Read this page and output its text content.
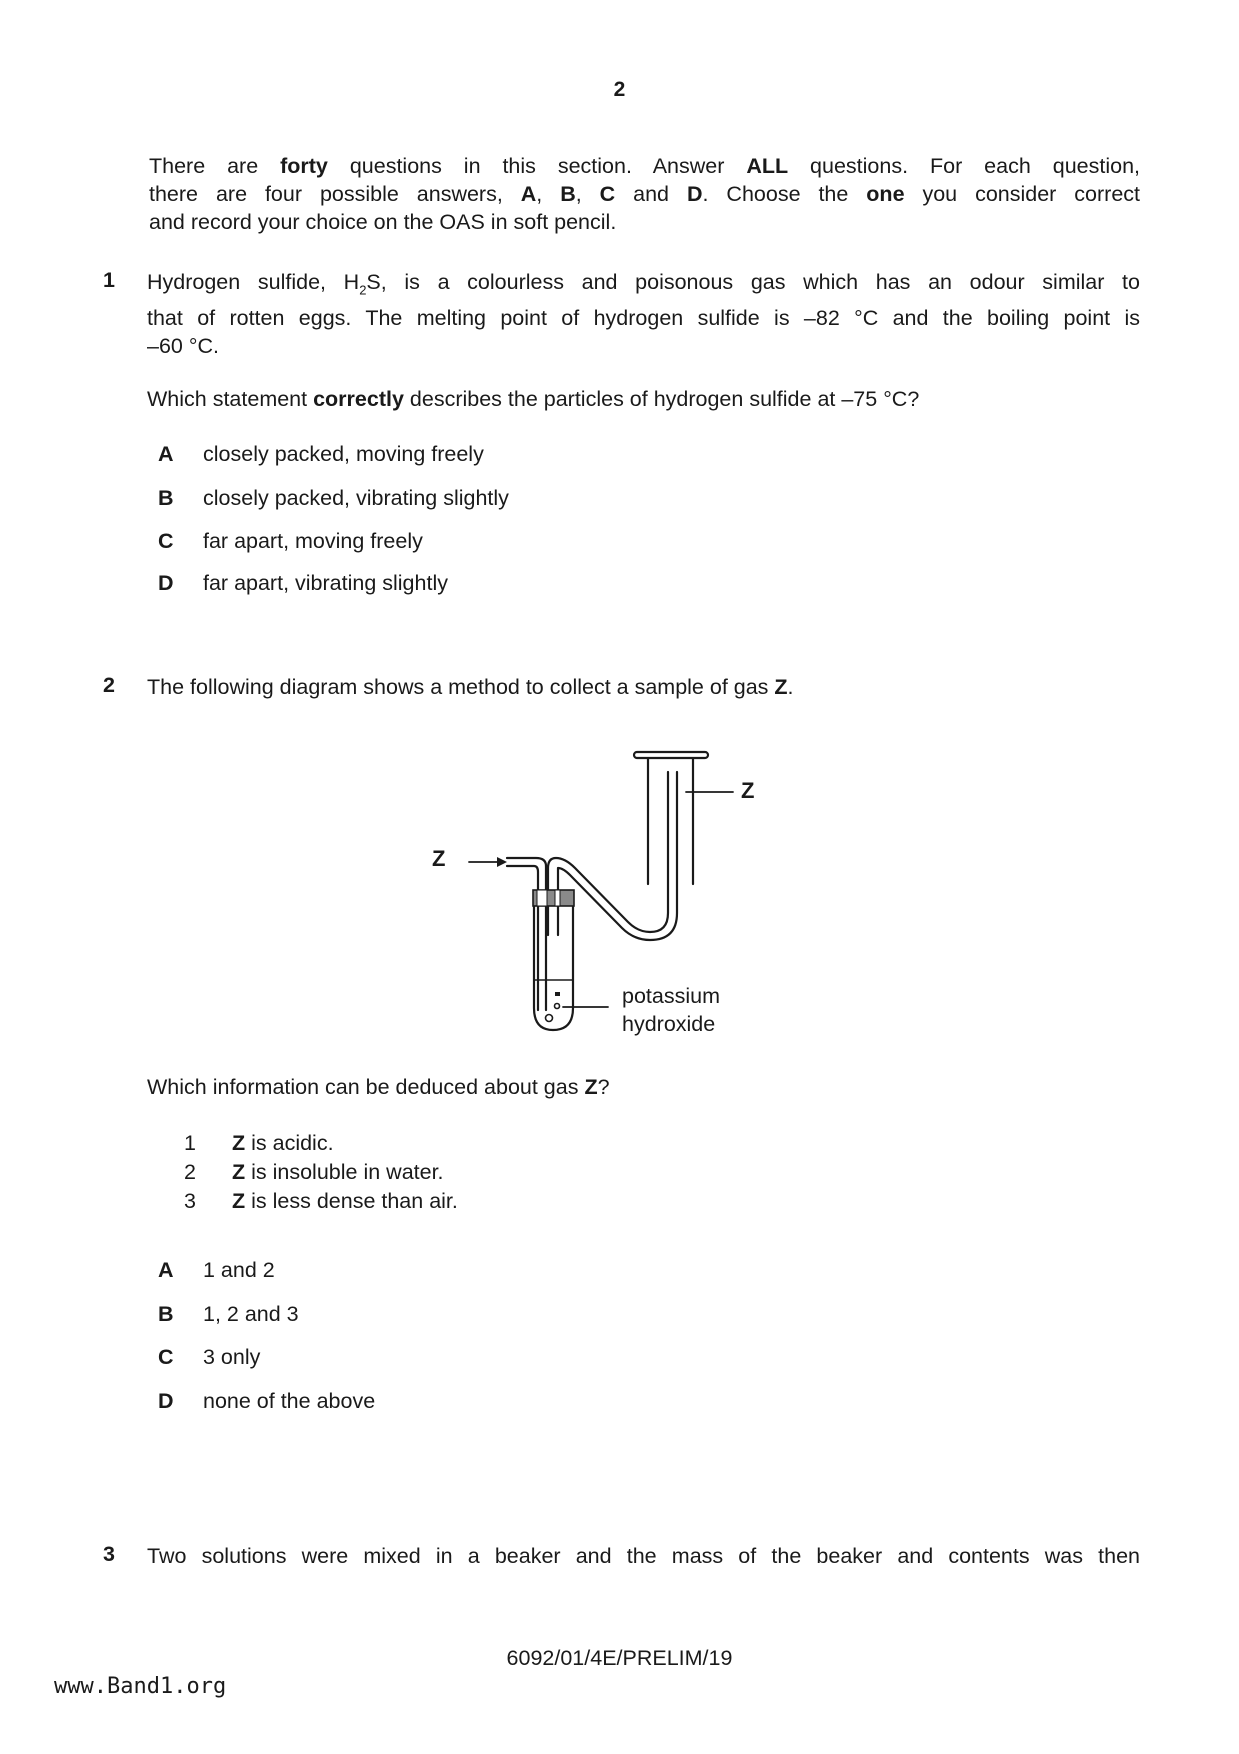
2
There are forty questions in this section. Answer ALL questions. For each question,
there are four possible answers, A, B, C and D. Choose the one you consider correct
and record your choice on the OAS in soft pencil.
1 Hydrogen sulfide, $H_2S$, is a colourless and poisonous gas which has an odour similar to
that of rotten eggs. The melting point of hydrogen sulfide is –82 °C and the boiling point is
–60 °C.
Which statement correctly describes the particles of hydrogen sulfide at –75 °C?
A closely packed, moving freely
B closely packed, vibrating slightly
C far apart, moving freely
D far apart, vibrating slightly
2 The following diagram shows a method to collect a sample of gas Z.
Z
Z
potassium
hydroxide
Which information can be deduced about gas Z?
1 Z is acidic.
2 Z is insoluble in water.
3 Z is less dense than air.
A 1 and 2
B 1, 2 and 3
C 3 only
D none of the above
3 Two solutions were mixed in a beaker and the mass of the beaker and contents was then
6092/01/4E/PRELIM/19
www.Band1.org
